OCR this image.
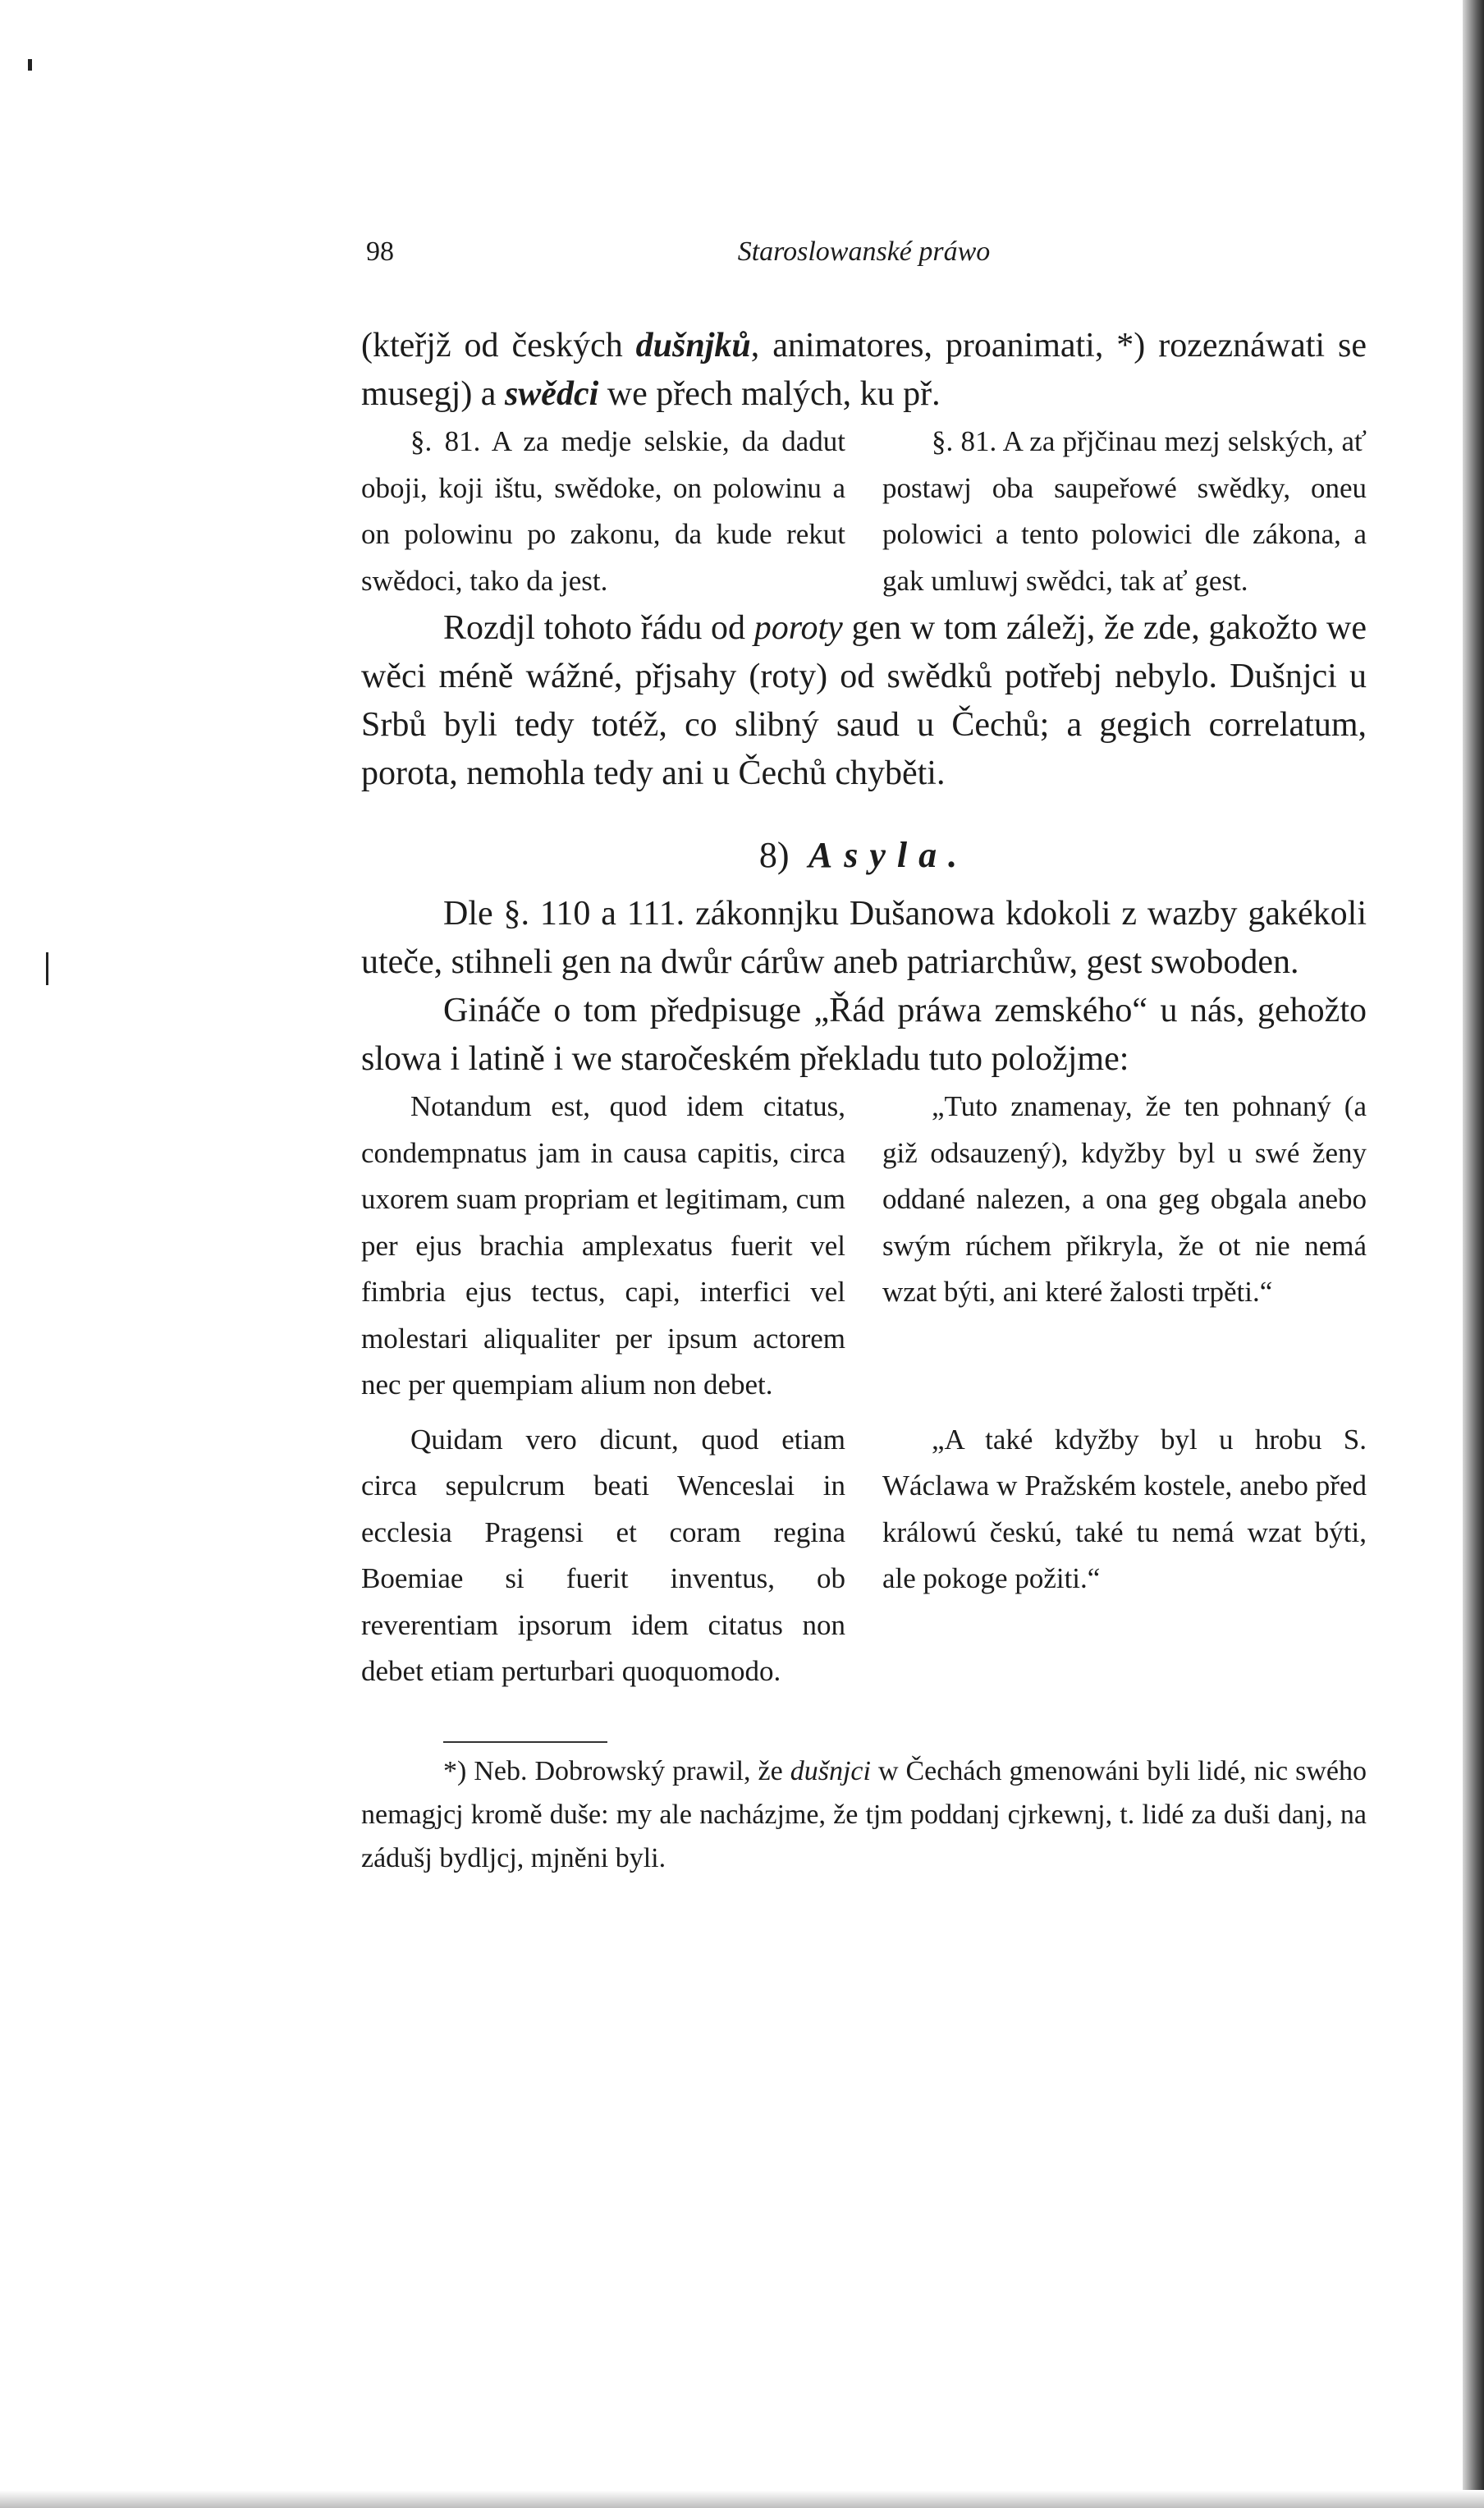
98	Staroslowanské práwo

(kteřjž od českých dušnjků, animatores, proanimati, *) rozeznáwati se musegj) a swědci we přech malých, ku př.

§. 81. A za medje selskie, da dadut oboji, koji ištu, swědoke, on polowinu a on polowinu po zakonu, da kude rekut swědoci, tako da jest.

§. 81. A za přjčinau mezj selských, ať postawj oba saupeřowé swědky, oneu polowici a tento polowici dle zákona, a gak umluwj swědci, tak ať gest.

Rozdjl tohoto řádu od poroty gen w tom záležj, že zde, gakožto we wěci méně wážné, přjsahy (roty) od swědků potřebj nebylo. Dušnjci u Srbů byli tedy totéž, co slibný saud u Čechů; a gegich correlatum, porota, nemohla tedy ani u Čechů chyběti.

8) Asyla.

Dle §. 110 a 111. zákonnjku Dušanowa kdokoli z wazby gakékoli uteče, stihneli gen na dwůr cárůw aneb patriarchůw, gest swoboden.

Gináče o tom předpisuge „Řád práwa zemského“ u nás, gehožto slowa i latině i we staročeském překladu tuto položjme:

Notandum est, quod idem citatus, condempnatus jam in causa capitis, circa uxorem suam propriam et legitimam, cum per ejus brachia amplexatus fuerit vel fimbria ejus tectus, capi, interfici vel molestari aliqualiter per ipsum actorem nec per quempiam alium non debet.

„Tuto znamenay, že ten pohnaný (a giž odsauzený), kdyžby byl u swé ženy oddané nalezen, a ona geg obgala anebo swým rúchem přikryla, že ot nie nemá wzat býti, ani které žalosti trpěti.“

Quidam vero dicunt, quod etiam circa sepulcrum beati Wenceslai in ecclesia Pragensi et coram regina Boemiae si fuerit inventus, ob reverentiam ipsorum idem citatus non debet etiam perturbari quoquomodo.

„A také kdyžby byl u hrobu S. Wáclawa w Pražském kostele, anebo před králowú českú, také tu nemá wzat býti, ale pokoge požiti.“

*) Neb. Dobrowský prawil, že dušnjci w Čechách gmenowáni byli lidé, nic swého nemagjcj kromě duše: my ale nacházjme, že tjm poddanj cjrkewnj, t. lidé za duši danj, na zádušj bydljcj, mjněni byli.
